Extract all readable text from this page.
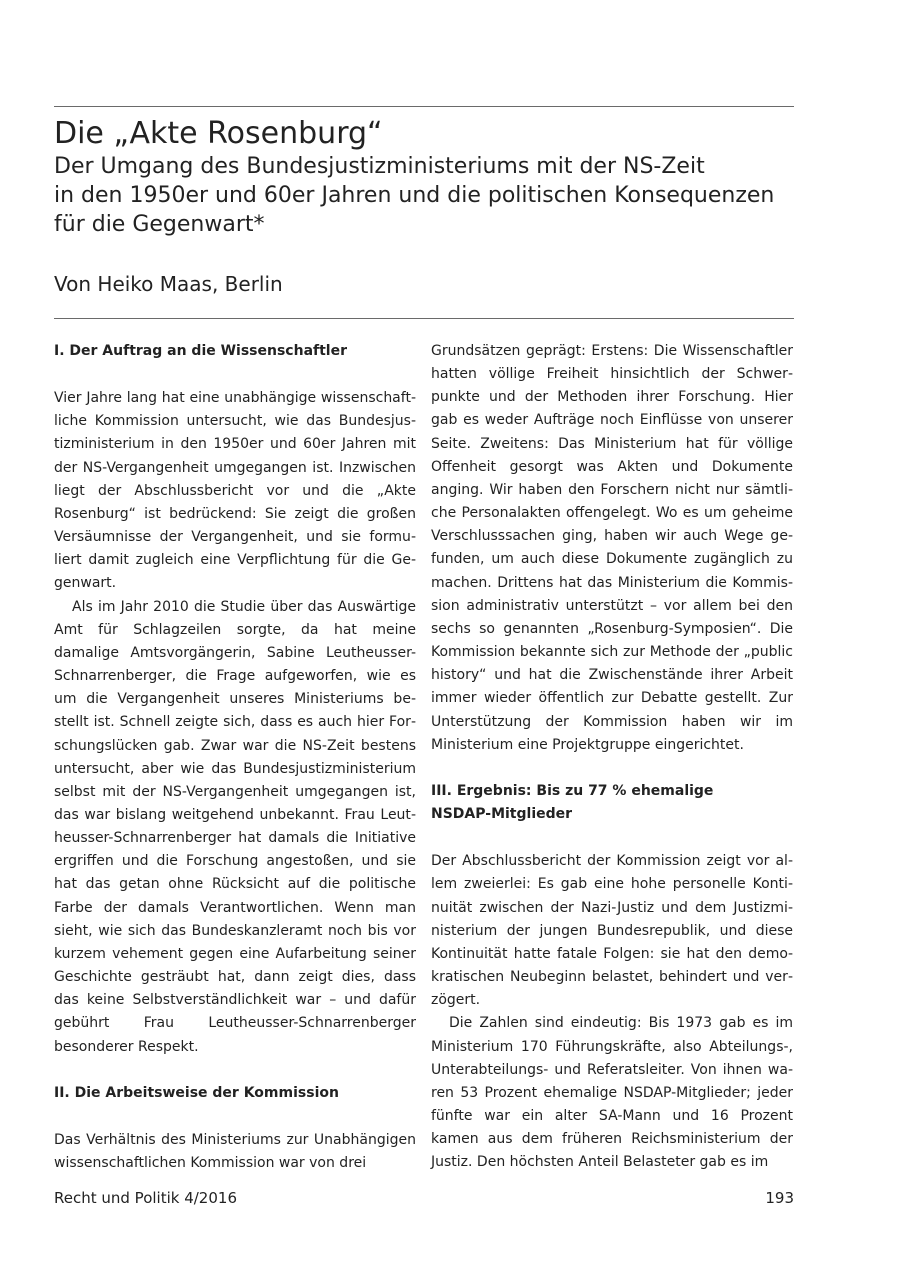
Die „Akte Rosenburg“
Der Umgang des Bundesjustizministeriums mit der NS-Zeit
in den 1950er und 60er Jahren und die politischen Konsequenzen
für die Gegenwart*
Von Heiko Maas, Berlin
I. Der Auftrag an die Wissenschaftler

Vier Jahre lang hat eine unabhängige wissenschaftliche Kommission untersucht, wie das Bundesjustizministerium in den 1950er und 60er Jahren mit der NS-Vergangenheit umgegangen ist. Inzwischen liegt der Abschlussbericht vor und die „Akte Rosenburg“ ist bedrückend: Sie zeigt die großen Versäumnisse der Vergangenheit, und sie formuliert damit zugleich eine Verpflichtung für die Gegenwart.

Als im Jahr 2010 die Studie über das Auswärtige Amt für Schlagzeilen sorgte, da hat meine damalige Amtsvorgängerin, Sabine Leutheusser-Schnarrenberger, die Frage aufgeworfen, wie es um die Vergangenheit unseres Ministeriums bestellt ist. Schnell zeigte sich, dass es auch hier Forschungslücken gab. Zwar war die NS-Zeit bestens untersucht, aber wie das Bundesjustizministerium selbst mit der NS-Vergangenheit umgegangen ist, das war bislang weitgehend unbekannt. Frau Leutheusser-Schnarrenberger hat damals die Initiative ergriffen und die Forschung angestoßen, und sie hat das getan ohne Rücksicht auf die politische Farbe der damals Verantwortlichen. Wenn man sieht, wie sich das Bundeskanzleramt noch bis vor kurzem vehement gegen eine Aufarbeitung seiner Geschichte gesträubt hat, dann zeigt dies, dass das keine Selbstverständlichkeit war – und dafür gebührt Frau Leutheusser-Schnarrenberger besonderer Respekt.

II. Die Arbeitsweise der Kommission

Das Verhältnis des Ministeriums zur Unabhängigen wissenschaftlichen Kommission war von drei

Grundsätzen geprägt: Erstens: Die Wissenschaftler hatten völlige Freiheit hinsichtlich der Schwerpunkte und der Methoden ihrer Forschung. Hier gab es weder Aufträge noch Einflüsse von unserer Seite. Zweitens: Das Ministerium hat für völlige Offenheit gesorgt was Akten und Dokumente anging. Wir haben den Forschern nicht nur sämtliche Personalakten offengelegt. Wo es um geheime Verschlusssachen ging, haben wir auch Wege gefunden, um auch diese Dokumente zugänglich zu machen. Drittens hat das Ministerium die Kommission administrativ unterstützt – vor allem bei den sechs so genannten „Rosenburg-Symposien“. Die Kommission bekannte sich zur Methode der „public history“ und hat die Zwischenstände ihrer Arbeit immer wieder öffentlich zur Debatte gestellt. Zur Unterstützung der Kommission haben wir im Ministerium eine Projektgruppe eingerichtet.

III. Ergebnis: Bis zu 77 % ehemalige
NSDAP-Mitglieder

Der Abschlussbericht der Kommission zeigt vor allem zweierlei: Es gab eine hohe personelle Kontinuität zwischen der Nazi-Justiz und dem Justizministerium der jungen Bundesrepublik, und diese Kontinuität hatte fatale Folgen: sie hat den demokratischen Neubeginn belastet, behindert und verzögert.

Die Zahlen sind eindeutig: Bis 1973 gab es im Ministerium 170 Führungskräfte, also Abteilungs-, Unterabteilungs- und Referatsleiter. Von ihnen waren 53 Prozent ehemalige NSDAP-Mitglieder; jeder fünfte war ein alter SA-Mann und 16 Prozent kamen aus dem früheren Reichsministerium der Justiz. Den höchsten Anteil Belasteter gab es im

Recht und Politik 4/2016	193
